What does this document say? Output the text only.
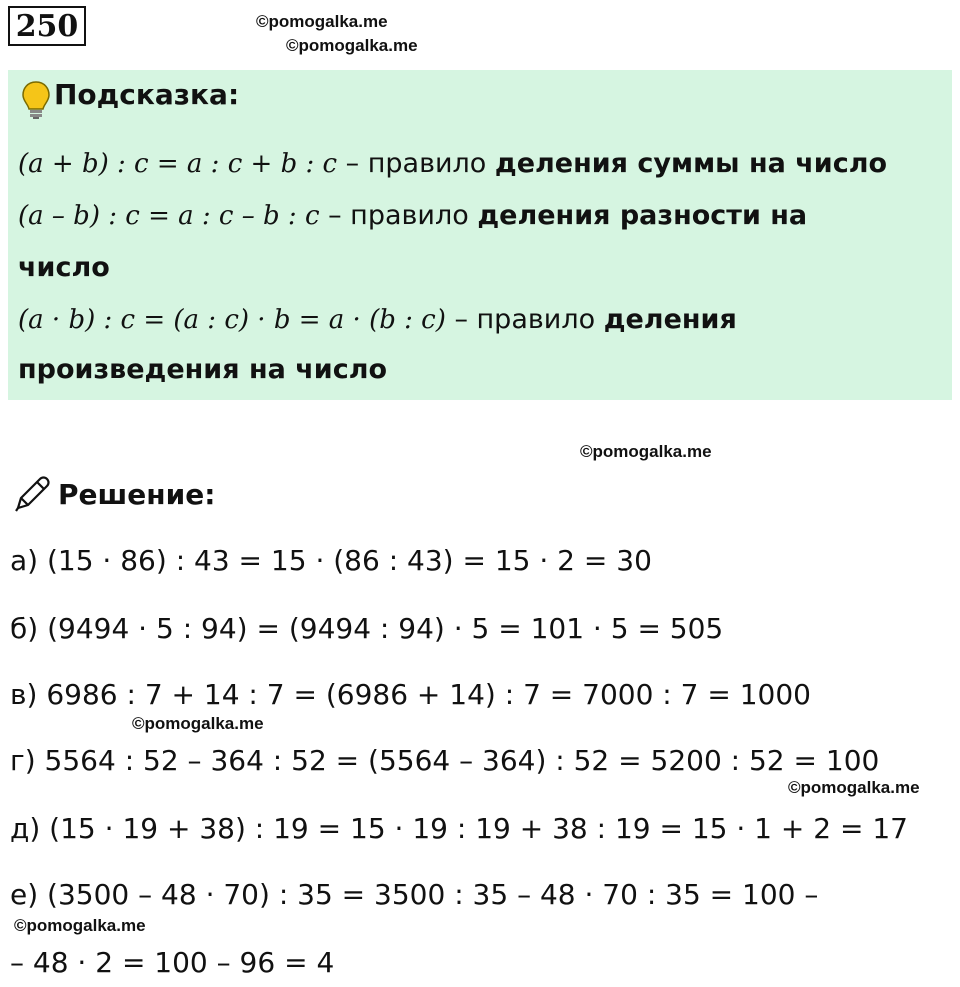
250	©pomogalka.me
©pomogalka.me
Подсказка:
(a + b) : c = a : c + b : c – правило деления суммы на число
(a – b) : c = a : c – b : c – правило деления разности на
число
(a · b) : c = (a : c) · b = a · (b : c) – правило деления
произведения на число
©pomogalka.me
Решение:
а) (15 · 86) : 43 = 15 · (86 : 43) = 15 · 2 = 30
б) (9494 · 5 : 94) = (9494 : 94) · 5 = 101 · 5 = 505
в) 6986 : 7 + 14 : 7 = (6986 + 14) : 7 = 7000 : 7 = 1000
©pomogalka.me
г) 5564 : 52 – 364 : 52 = (5564 – 364) : 52 = 5200 : 52 = 100
©pomogalka.me
д) (15 · 19 + 38) : 19 = 15 · 19 : 19 + 38 : 19 = 15 · 1 + 2 = 17
е) (3500 – 48 · 70) : 35 = 3500 : 35 – 48 · 70 : 35 = 100 –
©pomogalka.me
– 48 · 2 = 100 – 96 = 4
